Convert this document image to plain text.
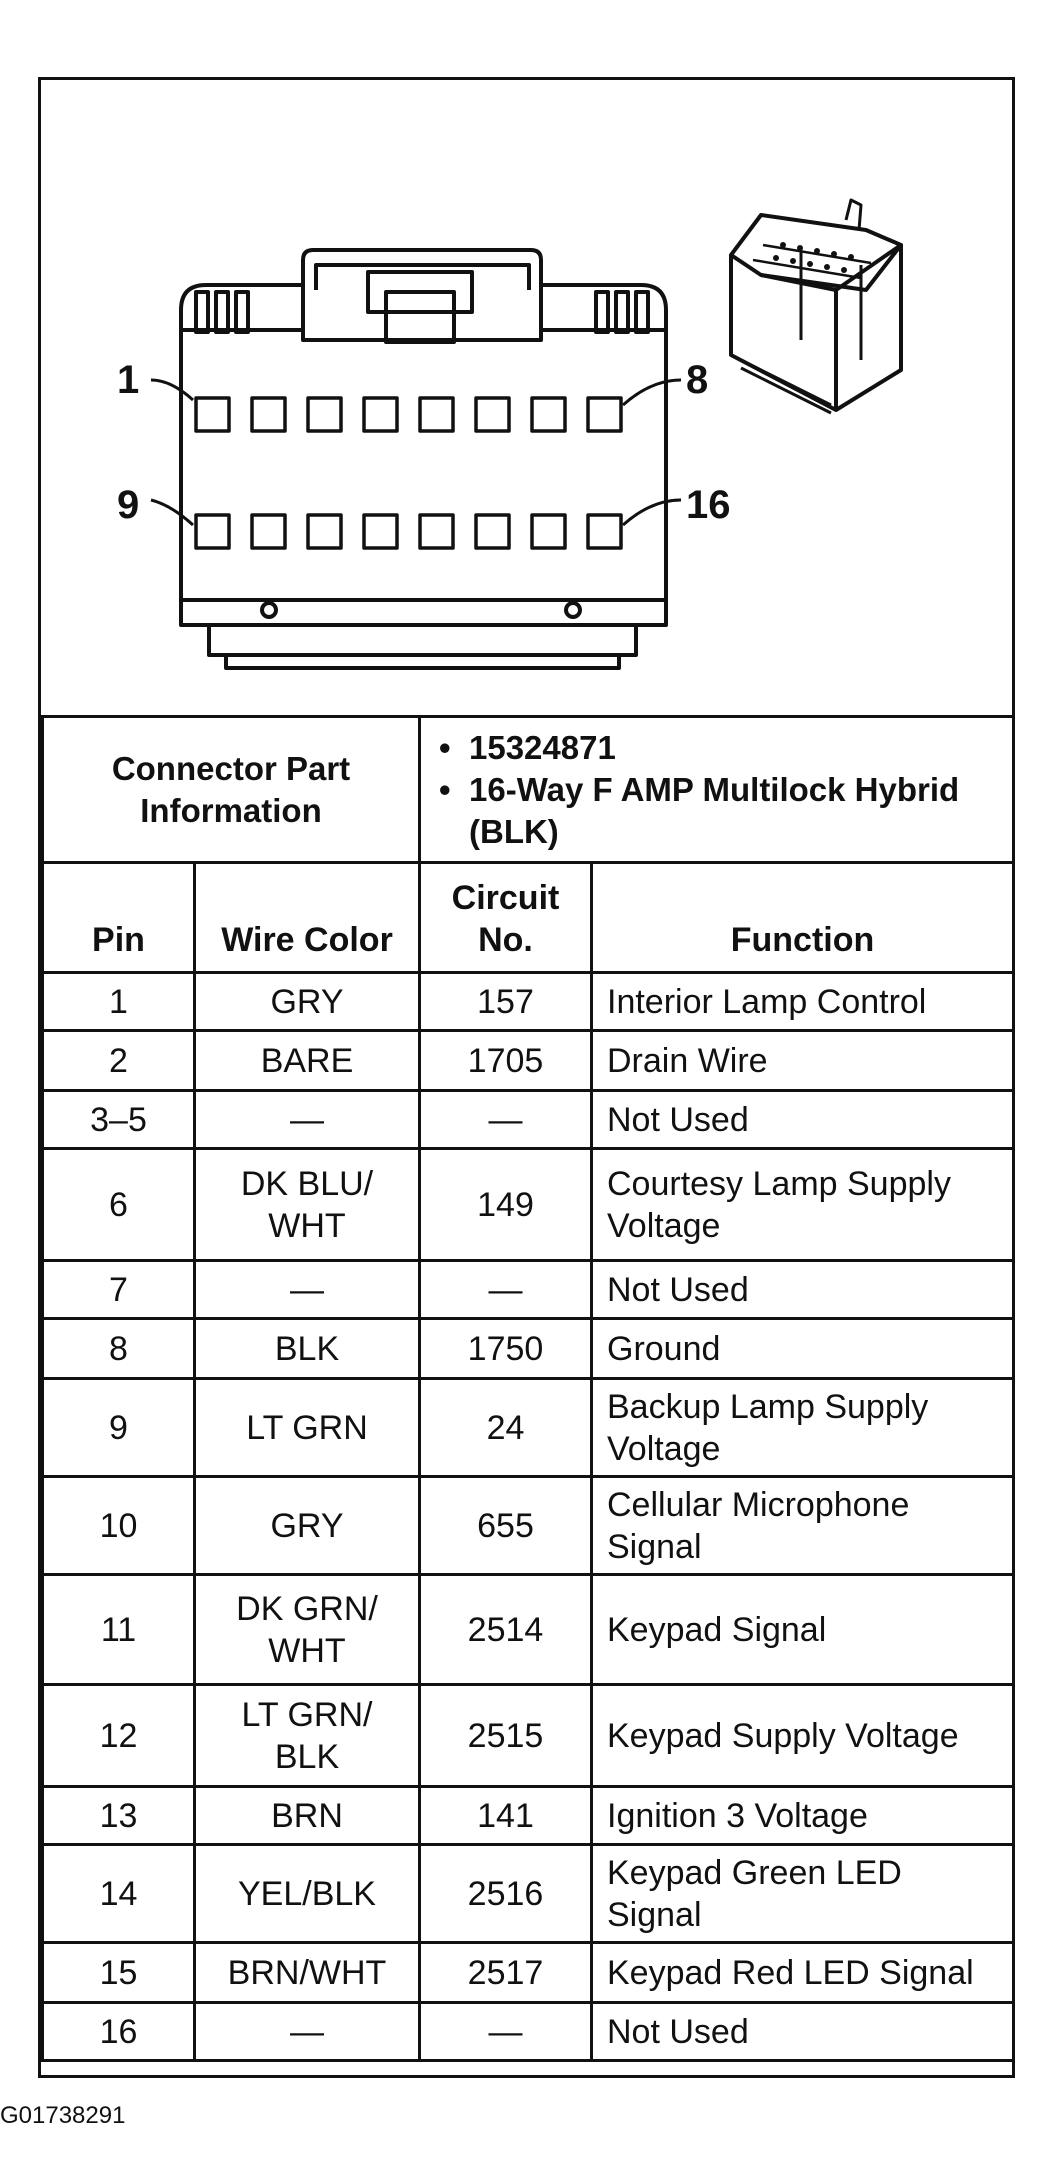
1	8
9	16
Connector Part Information		• 15324871
• 16-Way F AMP Multilock Hybrid (BLK)

Pin	Wire Color	Circuit No.	Function
1	GRY	157	Interior Lamp Control
2	BARE	1705	Drain Wire
3–5	—	—	Not Used
6	DK BLU/ WHT	149	Courtesy Lamp Supply Voltage
7	—	—	Not Used
8	BLK	1750	Ground
9	LT GRN	24	Backup Lamp Supply Voltage
10	GRY	655	Cellular Microphone Signal
11	DK GRN/ WHT	2514	Keypad Signal
12	LT GRN/ BLK	2515	Keypad Supply Voltage
13	BRN	141	Ignition 3 Voltage
14	YEL/BLK	2516	Keypad Green LED Signal
15	BRN/WHT	2517	Keypad Red LED Signal
16	—	—	Not Used
G01738291
